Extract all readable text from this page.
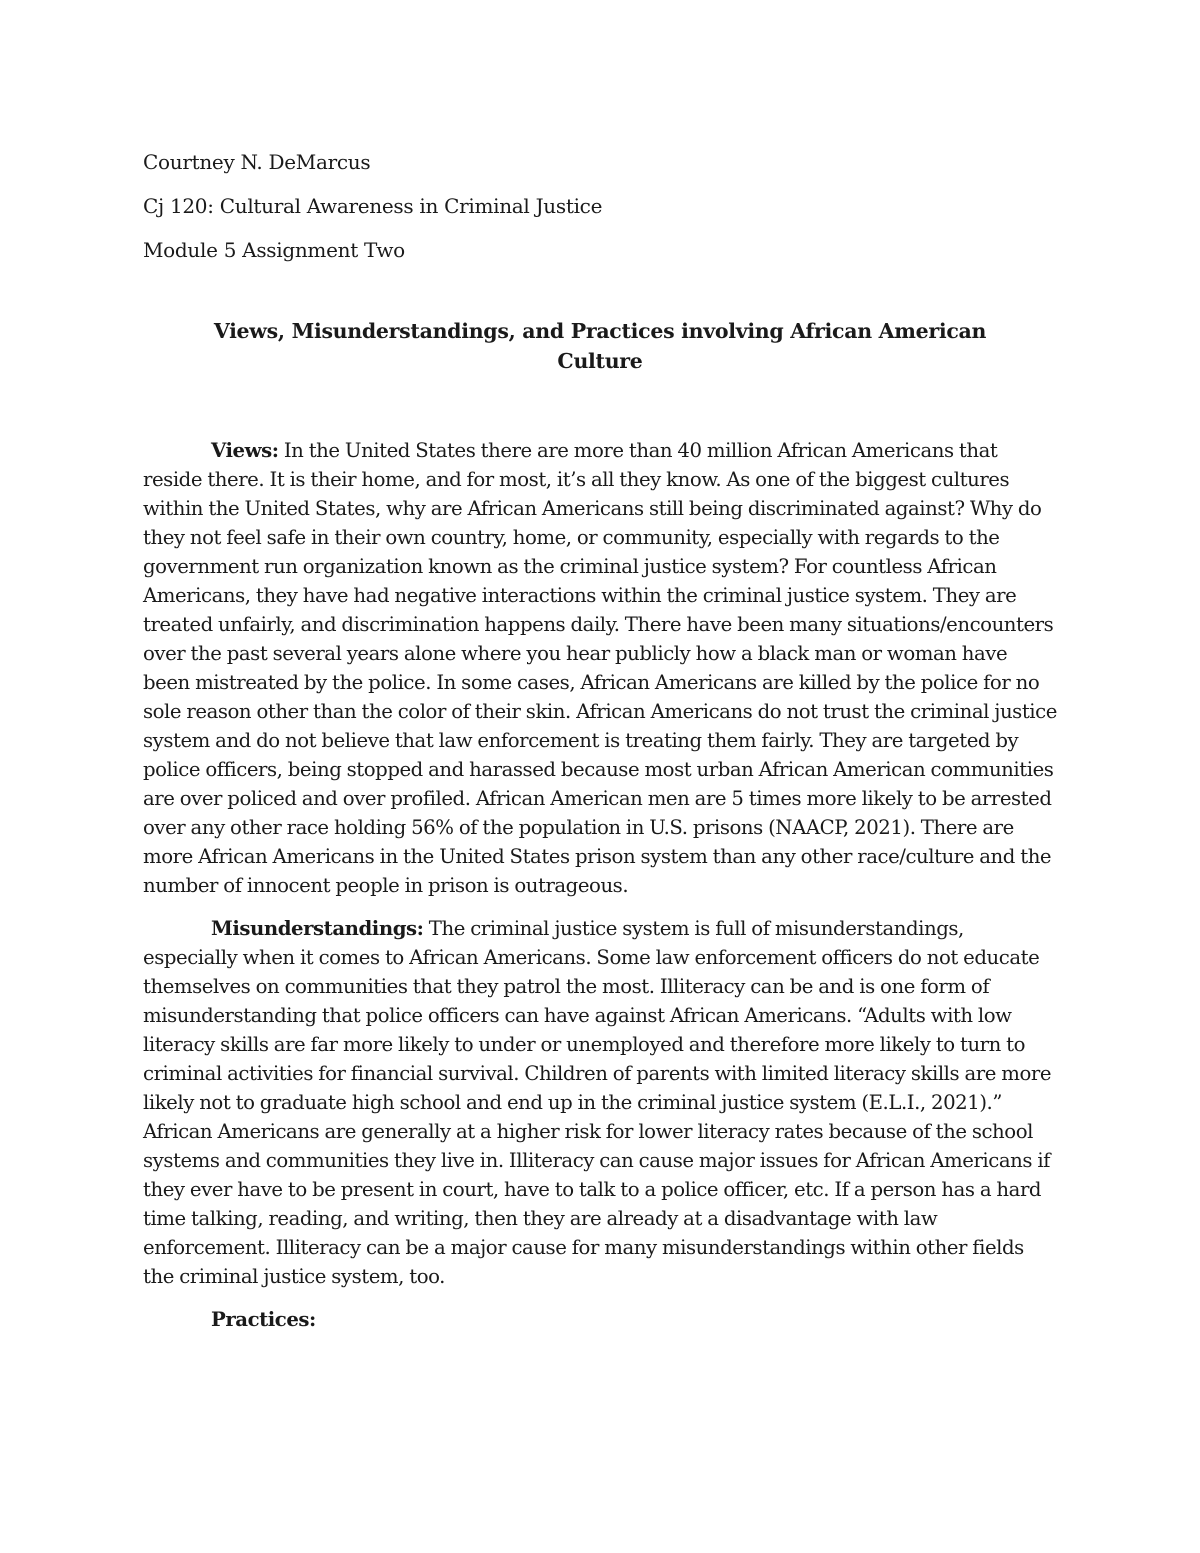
Courtney N. DeMarcus
Cj 120: Cultural Awareness in Criminal Justice
Module 5 Assignment Two
Views, Misunderstandings, and Practices involving African American
Culture

Views: In the United States there are more than 40 million African Americans that reside there. It is their home, and for most, it’s all they know. As one of the biggest cultures within the United States, why are African Americans still being discriminated against? Why do they not feel safe in their own country, home, or community, especially with regards to the government run organization known as the criminal justice system? For countless African Americans, they have had negative interactions within the criminal justice system. They are treated unfairly, and discrimination happens daily. There have been many situations/encounters over the past several years alone where you hear publicly how a black man or woman have been mistreated by the police. In some cases, African Americans are killed by the police for no sole reason other than the color of their skin. African Americans do not trust the criminal justice system and do not believe that law enforcement is treating them fairly. They are targeted by police officers, being stopped and harassed because most urban African American communities are over policed and over profiled. African American men are 5 times more likely to be arrested over any other race holding 56% of the population in U.S. prisons (NAACP, 2021). There are more African Americans in the United States prison system than any other race/culture and the number of innocent people in prison is outrageous.

Misunderstandings: The criminal justice system is full of misunderstandings, especially when it comes to African Americans. Some law enforcement officers do not educate themselves on communities that they patrol the most. Illiteracy can be and is one form of misunderstanding that police officers can have against African Americans. “Adults with low literacy skills are far more likely to under or unemployed and therefore more likely to turn to criminal activities for financial survival. Children of parents with limited literacy skills are more likely not to graduate high school and end up in the criminal justice system (E.L.I., 2021).” African Americans are generally at a higher risk for lower literacy rates because of the school systems and communities they live in. Illiteracy can cause major issues for African Americans if they ever have to be present in court, have to talk to a police officer, etc. If a person has a hard time talking, reading, and writing, then they are already at a disadvantage with law enforcement. Illiteracy can be a major cause for many misunderstandings within other fields the criminal justice system, too.

Practices:
